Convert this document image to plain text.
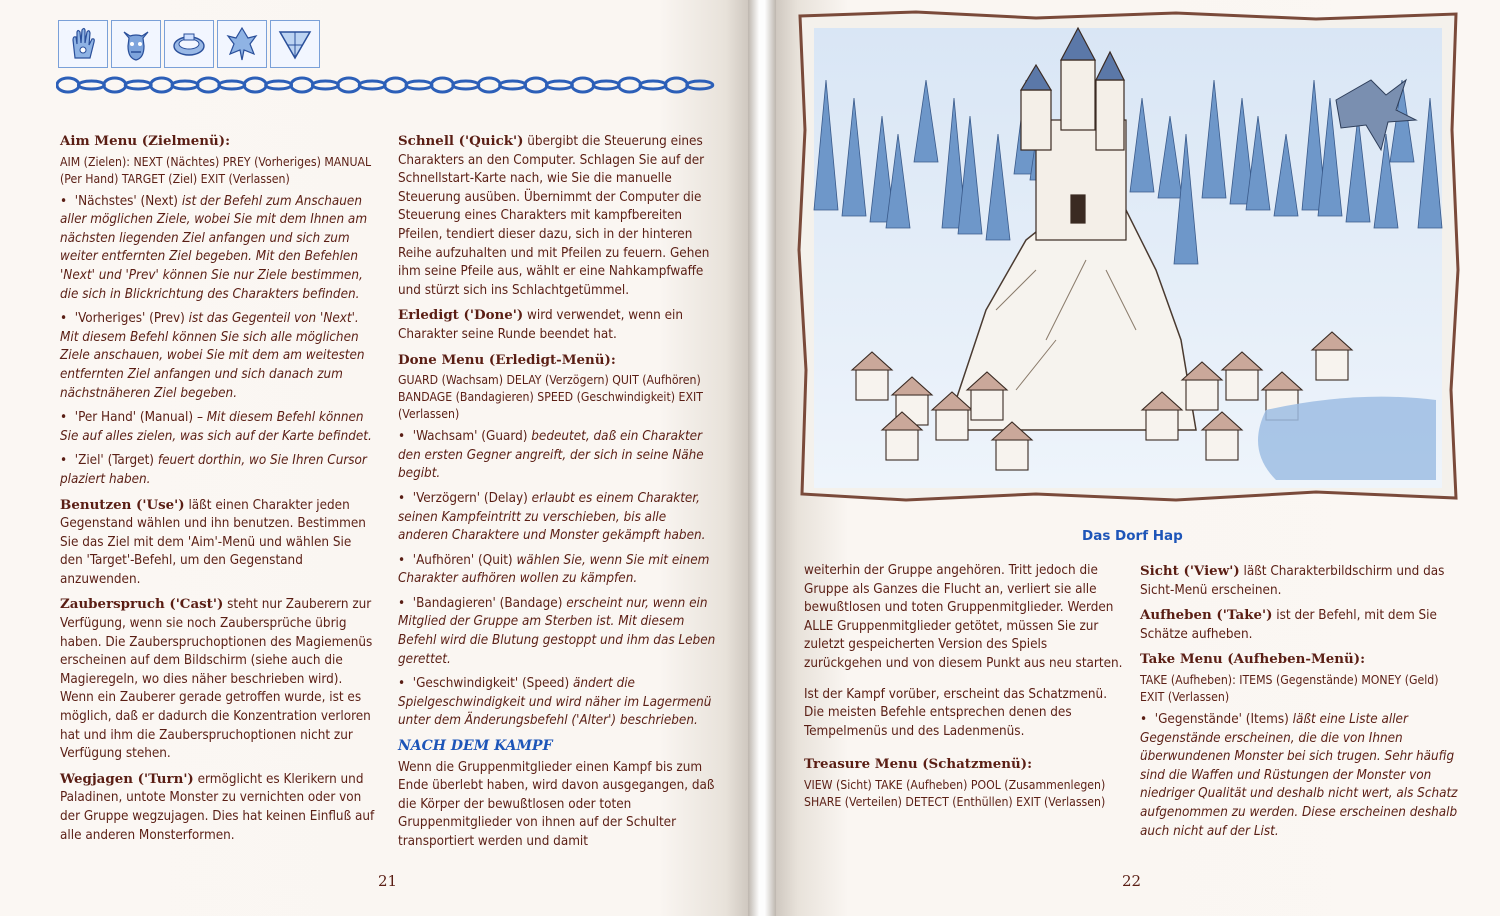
Aim Menu (Zielmenü):
AIM (Zielen): NEXT (Nächtes) PREY (Vorheriges) MANUAL (Per Hand) TARGET (Ziel) EXIT (Verlassen)

•  'Nächstes' (Next) ist der Befehl zum Anschauen aller möglichen Ziele, wobei Sie mit dem Ihnen am nächsten liegenden Ziel anfangen und sich zum weiter entfernten Ziel begeben. Mit den Befehlen 'Next' und 'Prev' können Sie nur Ziele bestimmen, die sich in Blickrichtung des Charakters befinden.

•  'Vorheriges' (Prev) ist das Gegenteil von 'Next'. Mit diesem Befehl können Sie sich alle möglichen Ziele anschauen, wobei Sie mit dem am weitesten entfernten Ziel anfangen und sich danach zum nächstnäheren Ziel begeben.

•  'Per Hand' (Manual) – Mit diesem Befehl können Sie auf alles zielen, was sich auf der Karte befindet.

•  'Ziel' (Target) feuert dorthin, wo Sie Ihren Cursor plaziert haben.

Benutzen ('Use') läßt einen Charakter jeden Gegenstand wählen und ihn benutzen. Bestimmen Sie das Ziel mit dem 'Aim'-Menü und wählen Sie den 'Target'-Befehl, um den Gegenstand anzuwenden.

Zauberspruch ('Cast') steht nur Zauberern zur Verfügung, wenn sie noch Zaubersprüche übrig haben. Die Zauberspruchoptionen des Magiemenüs erscheinen auf dem Bildschirm (siehe auch die Magieregeln, wo dies näher beschrieben wird). Wenn ein Zauberer gerade getroffen wurde, ist es möglich, daß er dadurch die Konzentration verloren hat und ihm die Zauberspruchoptionen nicht zur Verfügung stehen.

Wegjagen ('Turn') ermöglicht es Klerikern und Paladinen, untote Monster zu vernichten oder von der Gruppe wegzujagen. Dies hat keinen Einfluß auf alle anderen Monsterformen.

Schnell ('Quick') übergibt die Steuerung eines Charakters an den Computer. Schlagen Sie auf der Schnellstart-Karte nach, wie Sie die manuelle Steuerung ausüben. Übernimmt der Computer die Steuerung eines Charakters mit kampfbereiten Pfeilen, tendiert dieser dazu, sich in der hinteren Reihe aufzuhalten und mit Pfeilen zu feuern. Gehen ihm seine Pfeile aus, wählt er eine Nahkampfwaffe und stürzt sich ins Schlachtgetümmel.

Erledigt ('Done') wird verwendet, wenn ein Charakter seine Runde beendet hat.

Done Menu (Erledigt-Menü):
GUARD (Wachsam) DELAY (Verzögern) QUIT (Aufhören) BANDAGE (Bandagieren) SPEED (Geschwindigkeit) EXIT (Verlassen)

•  'Wachsam' (Guard) bedeutet, daß ein Charakter den ersten Gegner angreift, der sich in seine Nähe begibt.

•  'Verzögern' (Delay) erlaubt es einem Charakter, seinen Kampfeintritt zu verschieben, bis alle anderen Charaktere und Monster gekämpft haben.

•  'Aufhören' (Quit) wählen Sie, wenn Sie mit einem Charakter aufhören wollen zu kämpfen.

•  'Bandagieren' (Bandage) erscheint nur, wenn ein Mitglied der Gruppe am Sterben ist. Mit diesem Befehl wird die Blutung gestoppt und ihm das Leben gerettet.

•  'Geschwindigkeit' (Speed) ändert die Spielgeschwindigkeit und wird näher im Lagermenü unter dem Änderungsbefehl ('Alter') beschrieben.

NACH DEM KAMPF

Wenn die Gruppenmitglieder einen Kampf bis zum Ende überlebt haben, wird davon ausgegangen, daß die Körper der bewußtlosen oder toten Gruppenmitglieder von ihnen auf der Schulter transportiert werden und damit

21
Das Dorf Hap

weiterhin der Gruppe angehören. Tritt jedoch die Gruppe als Ganzes die Flucht an, verliert sie alle bewußtlosen und toten Gruppenmitglieder. Werden ALLE Gruppenmitglieder getötet, müssen Sie zur zuletzt gespeicherten Version des Spiels zurückgehen und von diesem Punkt aus neu starten.

Ist der Kampf vorüber, erscheint das Schatzmenü. Die meisten Befehle entsprechen denen des Tempelmenüs und des Ladenmenüs.

Treasure Menu (Schatzmenü):
VIEW (Sicht) TAKE (Aufheben) POOL (Zusammenlegen) SHARE (Verteilen) DETECT (Enthüllen) EXIT (Verlassen)

Sicht ('View') läßt Charakterbildschirm und das Sicht-Menü erscheinen.

Aufheben ('Take') ist der Befehl, mit dem Sie Schätze aufheben.

Take Menu (Aufheben-Menü):
TAKE (Aufheben): ITEMS (Gegenstände) MONEY (Geld) EXIT (Verlassen)

•  'Gegenstände' (Items) läßt eine Liste aller Gegenstände erscheinen, die die von Ihnen überwundenen Monster bei sich trugen. Sehr häufig sind die Waffen und Rüstungen der Monster von niedriger Qualität und deshalb nicht wert, als Schatz aufgenommen zu werden. Diese erscheinen deshalb auch nicht auf der List.

22
